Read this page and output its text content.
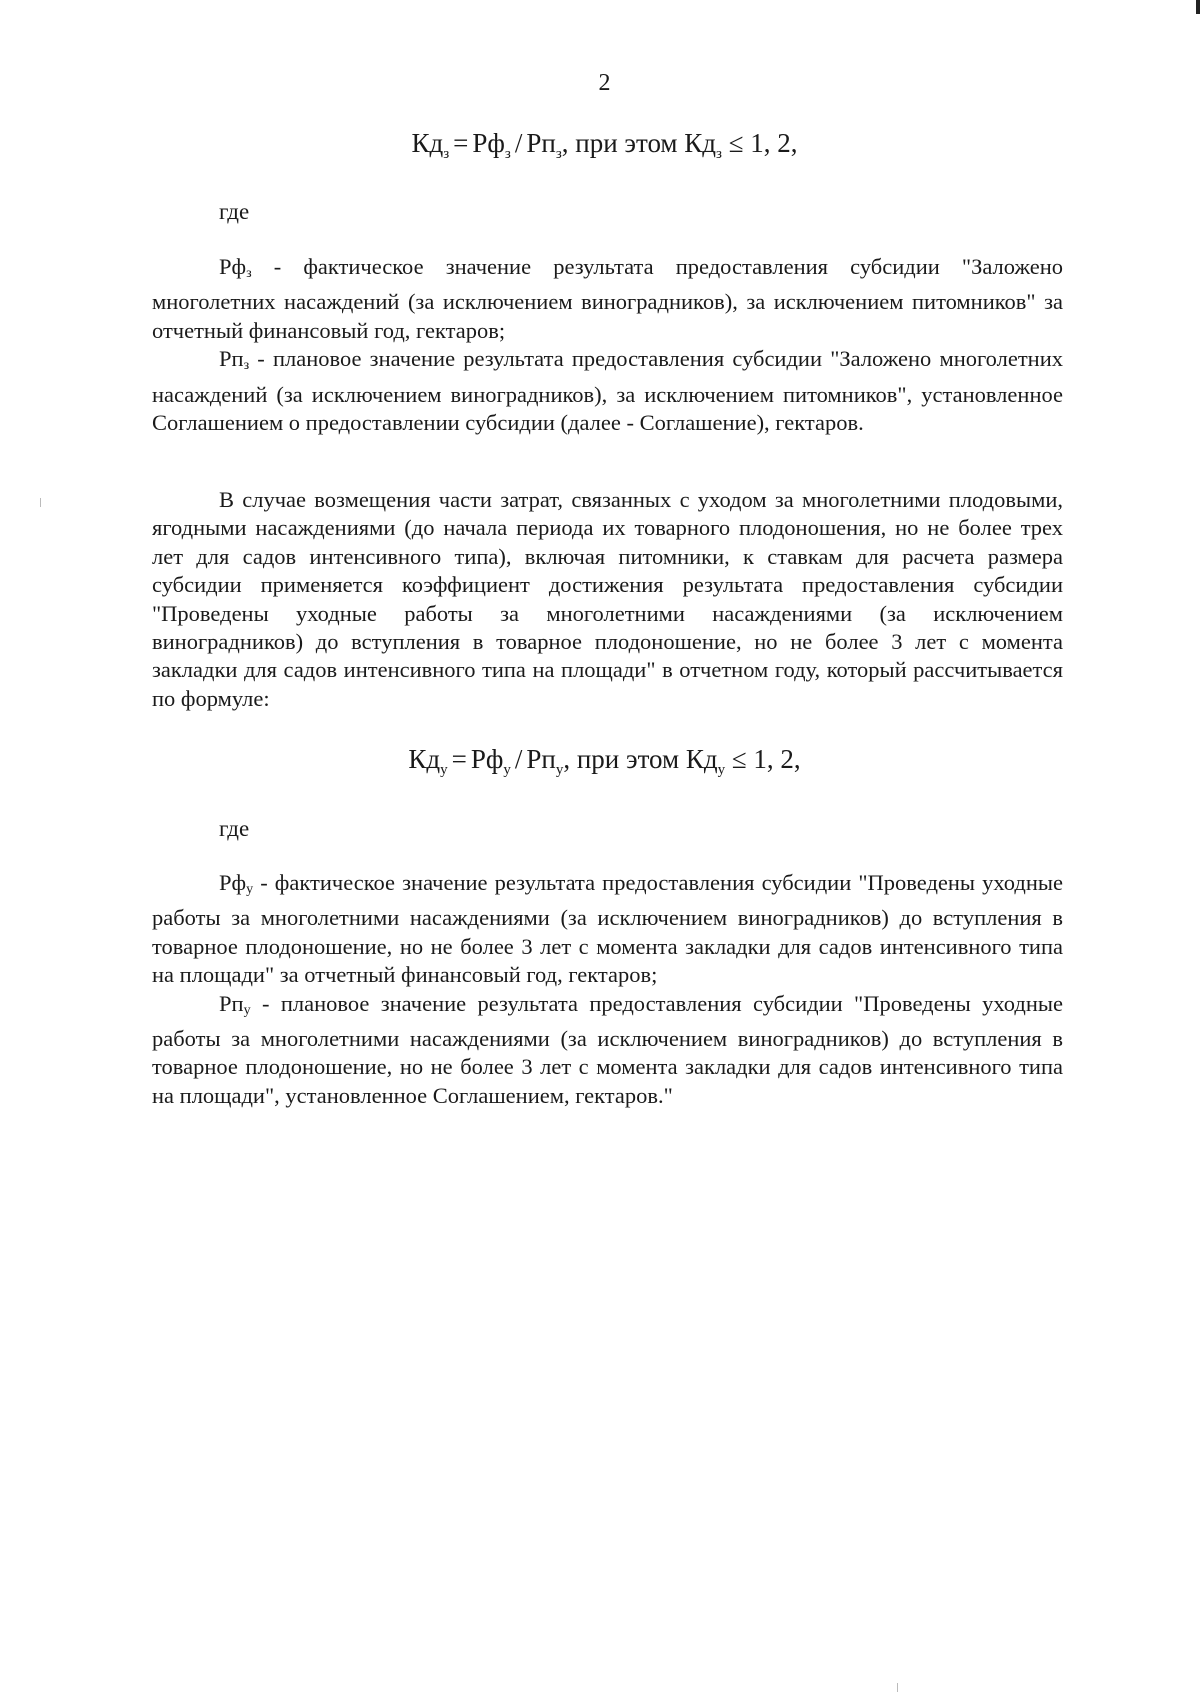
2
$Кд_з = Рф_з / Рп_з$, при этом $Кд_з \le 1$, 2,
где

$Рф_з$ - фактическое значение результата предоставления субсидии "Заложено многолетних насаждений (за исключением виноградников), за исключением питомников" за отчетный финансовый год, гектаров;

$Рп_з$ - плановое значение результата предоставления субсидии "Заложено многолетних насаждений (за исключением виноградников), за исключением питомников", установленное Соглашением о предоставлении субсидии (далее - Соглашение), гектаров.

В случае возмещения части затрат, связанных с уходом за многолетними плодовыми, ягодными насаждениями (до начала периода их товарного плодоношения, но не более трех лет для садов интенсивного типа), включая питомники, к ставкам для расчета размера субсидии применяется коэффициент достижения результата предоставления субсидии "Проведены уходные работы за многолетними насаждениями (за исключением виноградников) до вступления в товарное плодоношение, но не более 3 лет с момента закладки для садов интенсивного типа на площади" в отчетном году, который рассчитывается по формуле:

$Кд_у = Рф_у / Рп_у$, при этом $Кд_у \le 1$, 2,
где

$Рф_у$ - фактическое значение результата предоставления субсидии "Проведены уходные работы за многолетними насаждениями (за исключением виноградников) до вступления в товарное плодоношение, но не более 3 лет с момента закладки для садов интенсивного типа на площади" за отчетный финансовый год, гектаров;

$Рп_у$ - плановое значение результата предоставления субсидии "Проведены уходные работы за многолетними насаждениями (за исключением виноградников) до вступления в товарное плодоношение, но не более 3 лет с момента закладки для садов интенсивного типа на площади", установленное Соглашением, гектаров."
